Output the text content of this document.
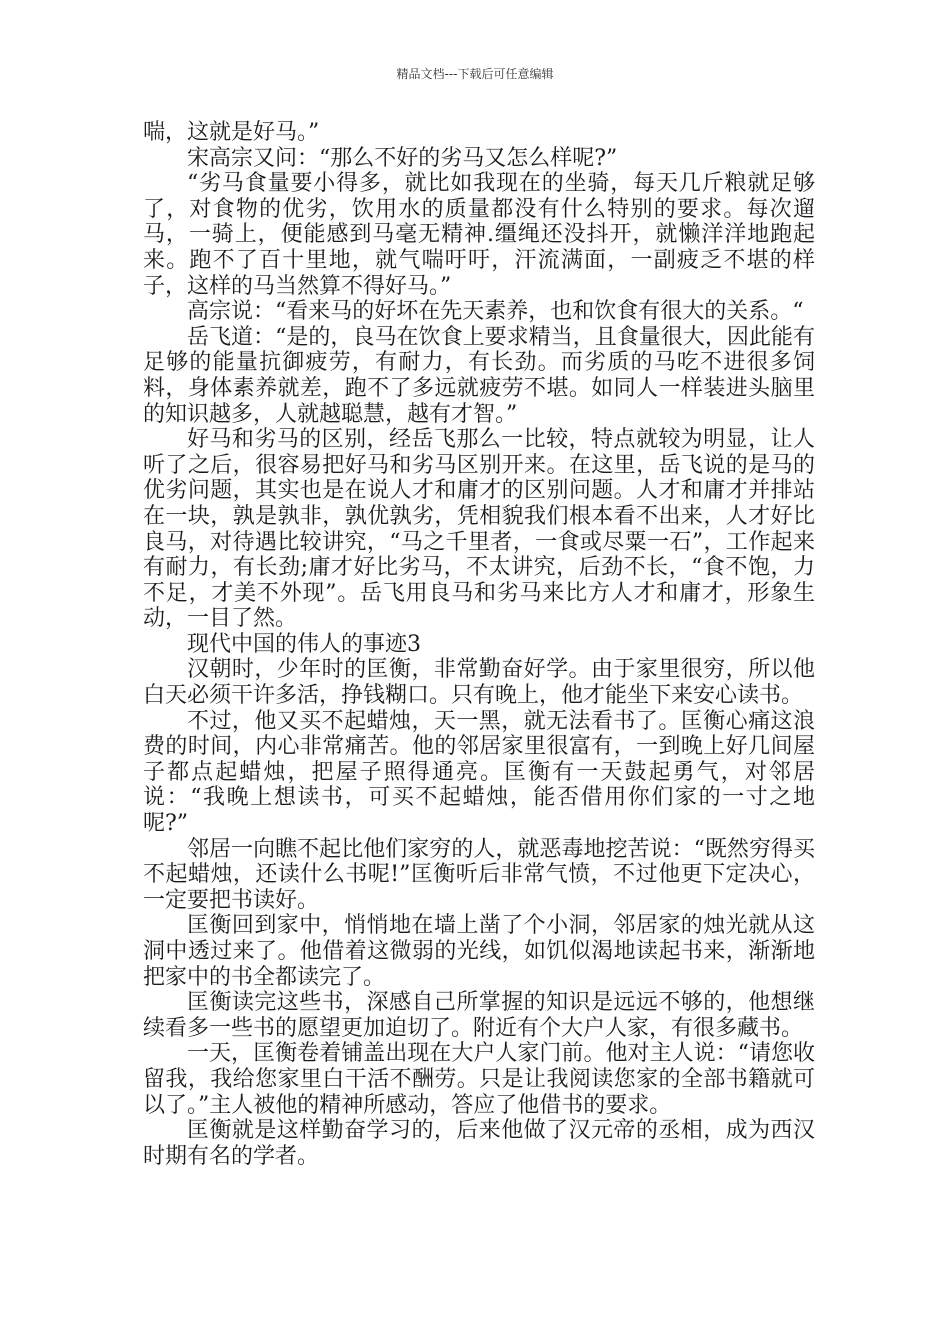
精品文档---下载后可任意编辑

喘，这就是好马。”

宋高宗又问：“那么不好的劣马又怎么样呢?”

“劣马食量要小得多，就比如我现在的坐骑，每天几斤粮就足够了，对食物的优劣，饮用水的质量都没有什么特别的要求。每次遛马，一骑上，便能感到马毫无精神.缰绳还没抖开，就懒洋洋地跑起来。跑不了百十里地，就气喘吁吁，汗流满面，一副疲乏不堪的样子，这样的马当然算不得好马。”

高宗说：“看来马的好坏在先天素养，也和饮食有很大的关系。“

岳飞道：“是的，良马在饮食上要求精当，且食量很大，因此能有足够的能量抗御疲劳，有耐力，有长劲。而劣质的马吃不进很多饲料，身体素养就差，跑不了多远就疲劳不堪。如同人一样装进头脑里的知识越多，人就越聪慧，越有才智。”

好马和劣马的区别，经岳飞那么一比较，特点就较为明显，让人听了之后，很容易把好马和劣马区别开来。在这里，岳飞说的是马的优劣问题，其实也是在说人才和庸才的区别问题。人才和庸才并排站在一块，孰是孰非，孰优孰劣，凭相貌我们根本看不出来，人才好比良马，对待遇比较讲究，“马之千里者，一食或尽粟一石”，工作起来有耐力，有长劲;庸才好比劣马，不太讲究，后劲不长，“食不饱，力不足，才美不外现”。岳飞用良马和劣马来比方人才和庸才，形象生动，一目了然。

现代中国的伟人的事迹3

汉朝时，少年时的匡衡，非常勤奋好学。由于家里很穷，所以他白天必须干许多活，挣钱糊口。只有晚上，他才能坐下来安心读书。

不过，他又买不起蜡烛，天一黑，就无法看书了。匡衡心痛这浪费的时间，内心非常痛苦。他的邻居家里很富有，一到晚上好几间屋子都点起蜡烛，把屋子照得通亮。匡衡有一天鼓起勇气，对邻居说：“我晚上想读书，可买不起蜡烛，能否借用你们家的一寸之地呢?”

邻居一向瞧不起比他们家穷的人，就恶毒地挖苦说：“既然穷得买不起蜡烛，还读什么书呢!”匡衡听后非常气愤，不过他更下定决心，一定要把书读好。

匡衡回到家中，悄悄地在墙上凿了个小洞，邻居家的烛光就从这洞中透过来了。他借着这微弱的光线，如饥似渴地读起书来，渐渐地把家中的书全都读完了。

匡衡读完这些书，深感自己所掌握的知识是远远不够的，他想继续看多一些书的愿望更加迫切了。附近有个大户人家，有很多藏书。

一天，匡衡卷着铺盖出现在大户人家门前。他对主人说：“请您收留我，我给您家里白干活不酬劳。只是让我阅读您家的全部书籍就可以了。”主人被他的精神所感动，答应了他借书的要求。

匡衡就是这样勤奋学习的，后来他做了汉元帝的丞相，成为西汉时期有名的学者。
